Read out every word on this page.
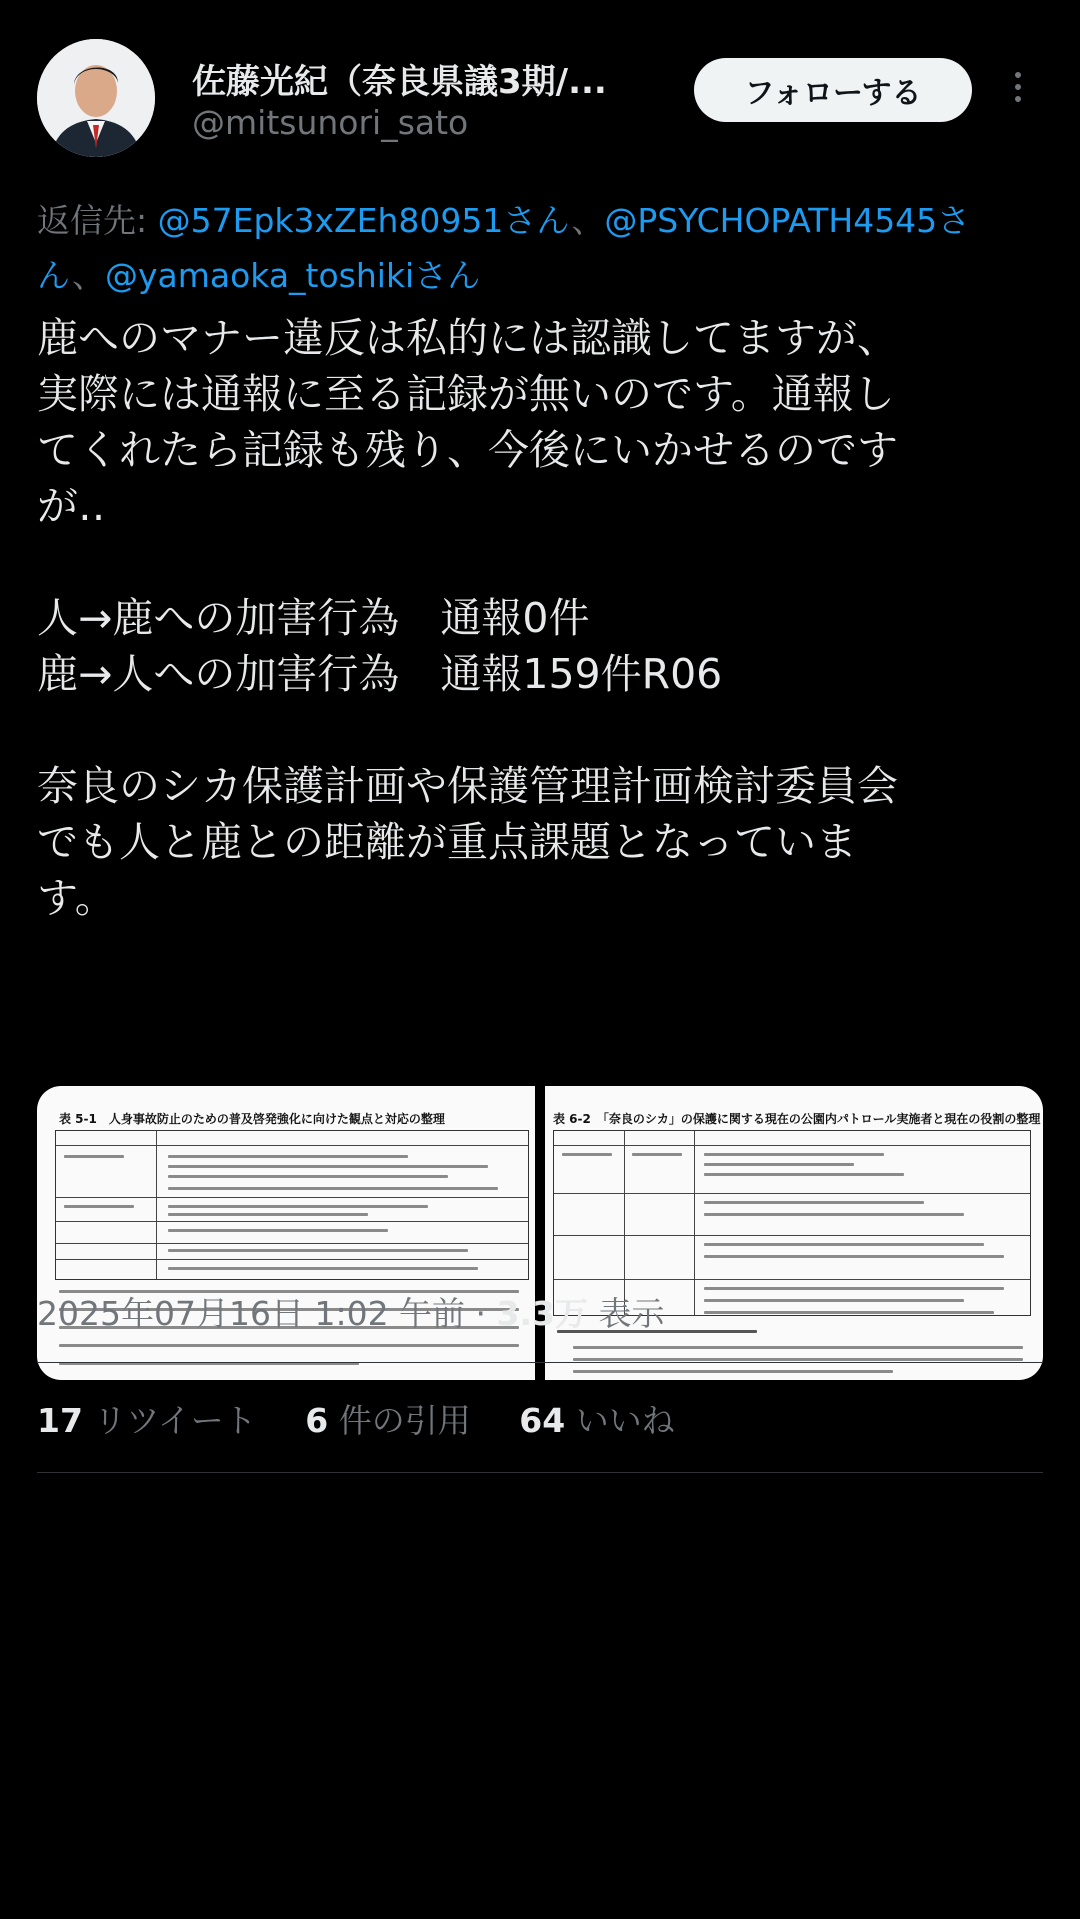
佐藤光紀（奈良県議3期/...
@mitsunori_sato
フォローする
返信先: @57Epk3xZEh80951さん、@PSYCHOPATH4545さ
ん、@yamaoka_toshikiさん

鹿へのマナー違反は私的には認識してますが、

実際には通報に至る記録が無いのです。通報し

てくれたら記録も残り、今後にいかせるのです

が‥

人→鹿への加害行為　通報0件

鹿→人への加害行為　通報159件R06

奈良のシカ保護計画や保護管理計画検討委員会

でも人と鹿との距離が重点課題となっていま

す。

表 5-1　人身事故防止のための普及啓発強化に向けた観点と対応の整理	表 6-2　「奈良のシカ」の保護に関する現在の公園内パトロール実施者と現在の役割の整理
2025年07月16日 1:02 午前 · 3.3万 表示
17 リツイート 6 件の引用 64 いいね
